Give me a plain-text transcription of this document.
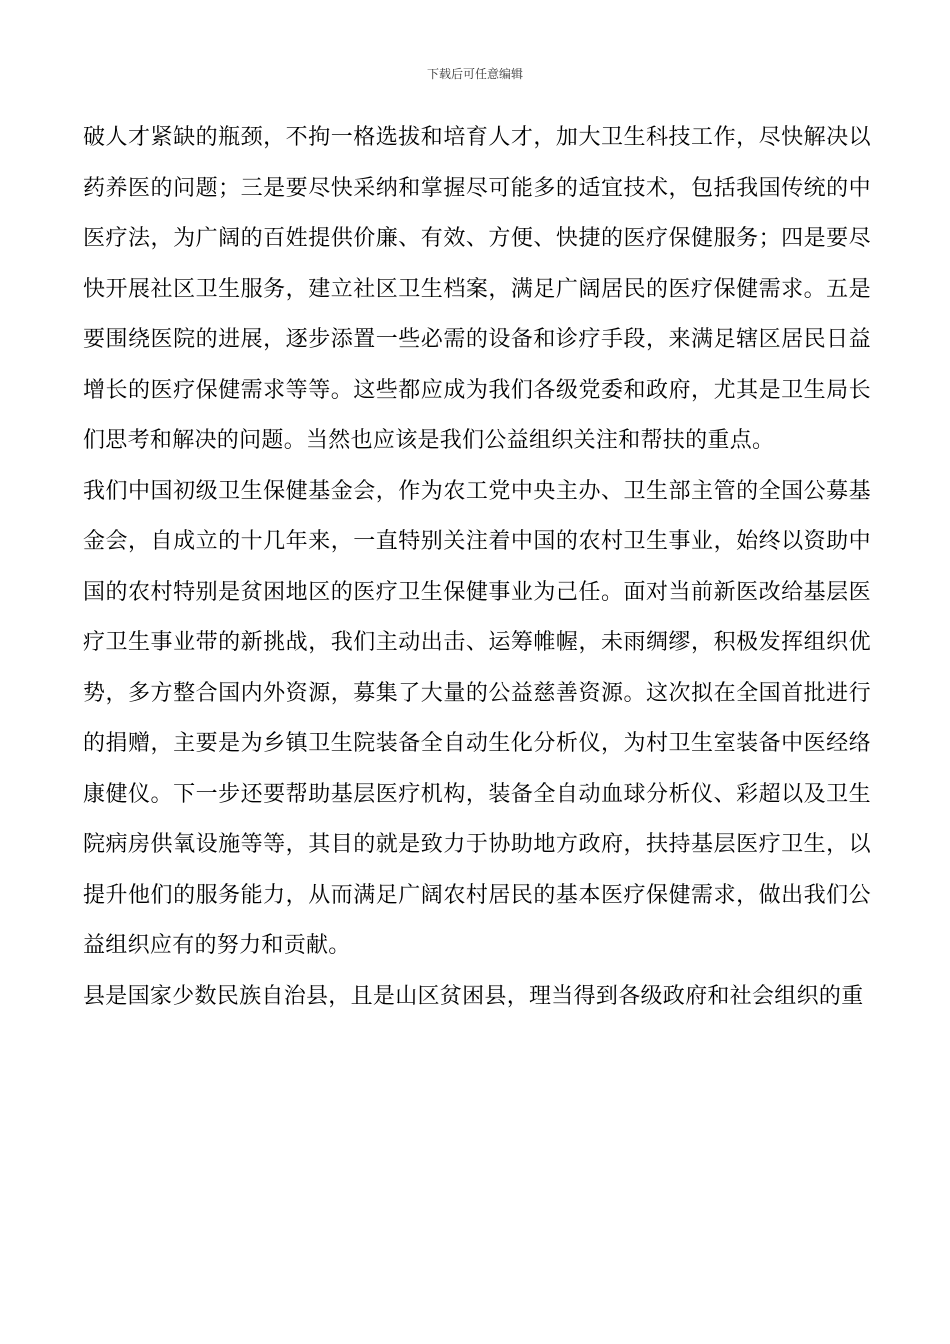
下载后可任意编辑

破人才紧缺的瓶颈，不拘一格选拔和培育人才，加大卫生科技工作，尽快解决以药养医的问题；三是要尽快采纳和掌握尽可能多的适宜技术，包括我国传统的中医疗法，为广阔的百姓提供价廉、有效、方便、快捷的医疗保健服务；四是要尽快开展社区卫生服务，建立社区卫生档案，满足广阔居民的医疗保健需求。五是要围绕医院的进展，逐步添置一些必需的设备和诊疗手段，来满足辖区居民日益增长的医疗保健需求等等。这些都应成为我们各级党委和政府，尤其是卫生局长们思考和解决的问题。当然也应该是我们公益组织关注和帮扶的重点。

我们中国初级卫生保健基金会，作为农工党中央主办、卫生部主管的全国公募基金会，自成立的十几年来，一直特别关注着中国的农村卫生事业，始终以资助中国的农村特别是贫困地区的医疗卫生保健事业为己任。面对当前新医改给基层医疗卫生事业带的新挑战，我们主动出击、运筹帷幄，未雨绸缪，积极发挥组织优势，多方整合国内外资源，募集了大量的公益慈善资源。这次拟在全国首批进行的捐赠，主要是为乡镇卫生院装备全自动生化分析仪，为村卫生室装备中医经络康健仪。下一步还要帮助基层医疗机构，装备全自动血球分析仪、彩超以及卫生院病房供氧设施等等，其目的就是致力于协助地方政府，扶持基层医疗卫生，以提升他们的服务能力，从而满足广阔农村居民的基本医疗保健需求，做出我们公益组织应有的努力和贡献。

县是国家少数民族自治县，且是山区贫困县，理当得到各级政府和社会组织的重
